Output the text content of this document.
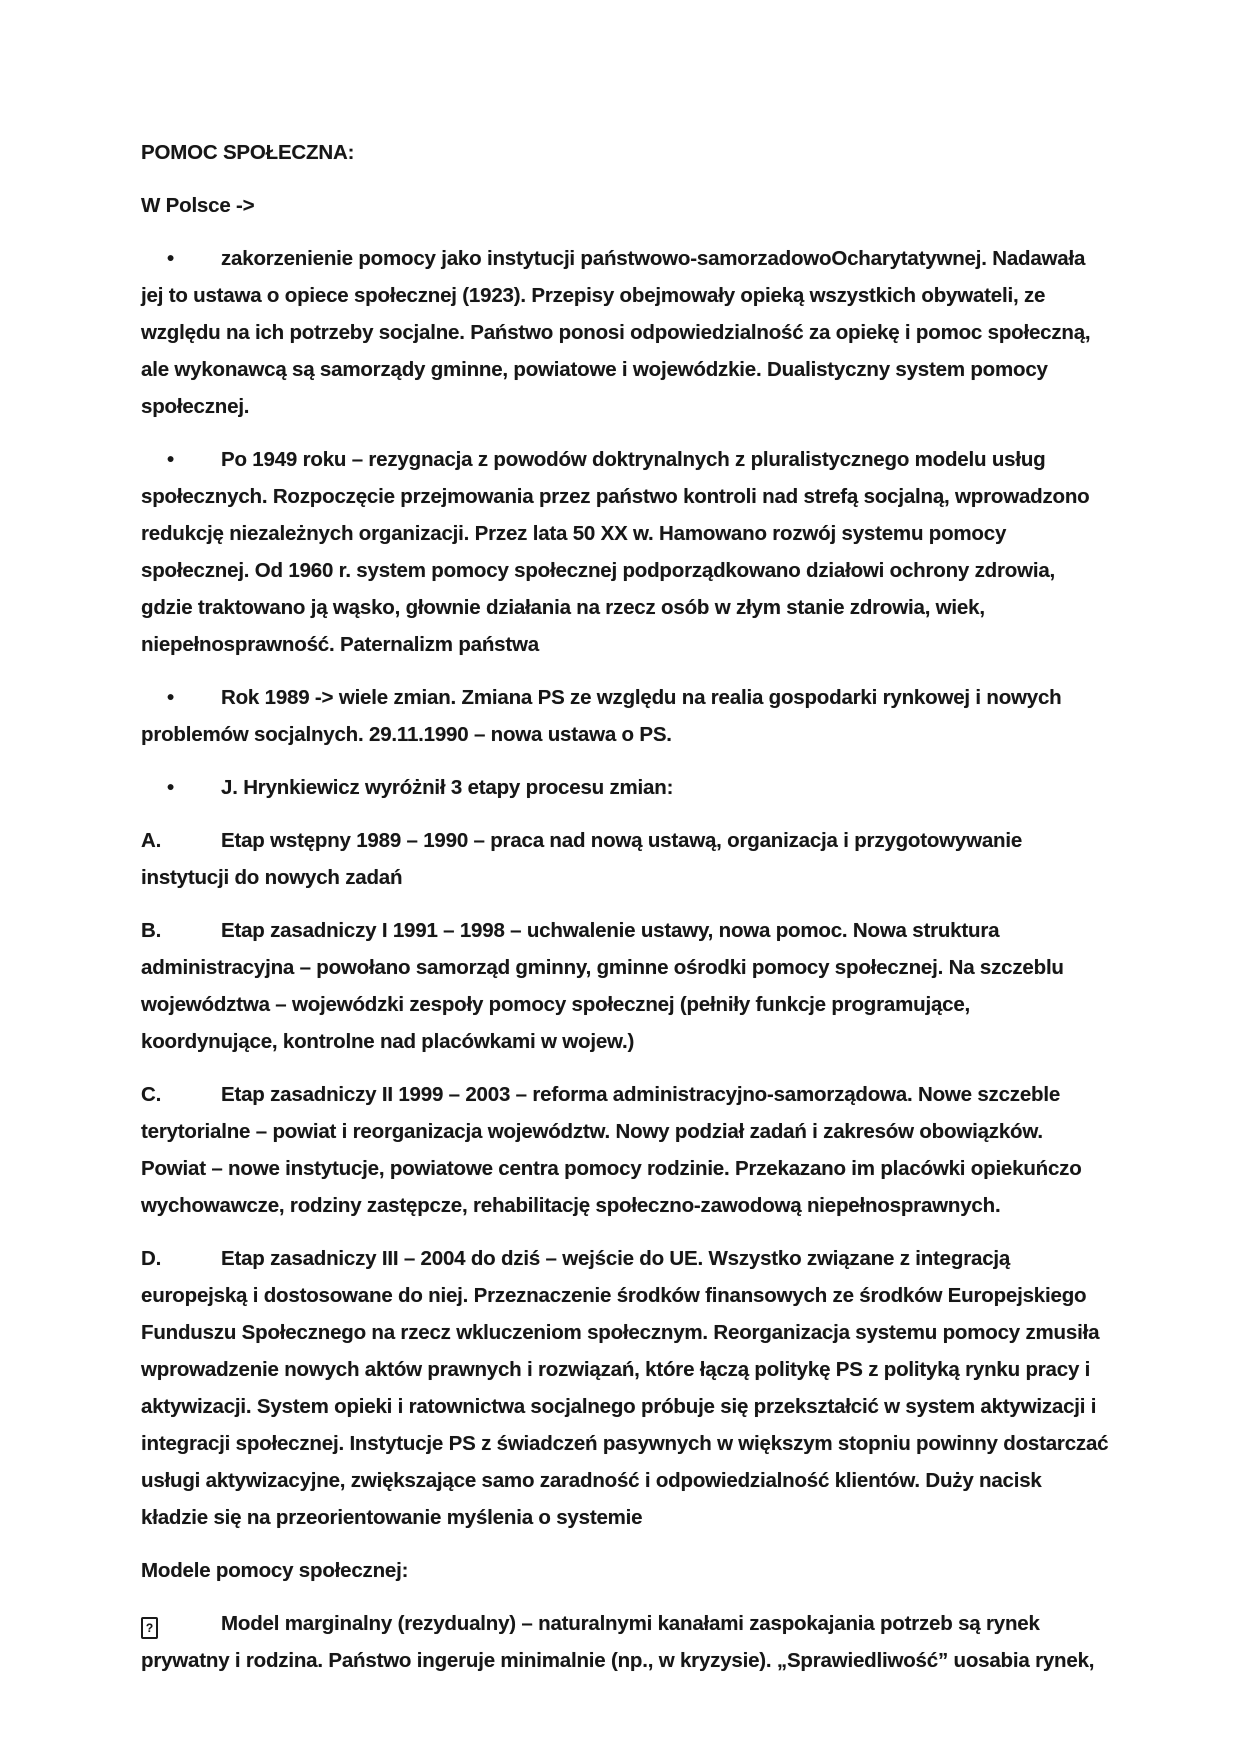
POMOC SPOŁECZNA:

W Polsce ->

• zakorzenienie pomocy jako instytucji państwowo-samorzadowoOcharytatywnej. Nadawała jej to ustawa o opiece społecznej (1923). Przepisy obejmowały opieką wszystkich obywateli, ze względu na ich potrzeby socjalne. Państwo ponosi odpowiedzialność za opiekę i pomoc społeczną, ale wykonawcą są samorządy gminne, powiatowe i wojewódzkie. Dualistyczny system pomocy społecznej.

• Po 1949 roku – rezygnacja z powodów doktrynalnych z pluralistycznego modelu usług społecznych. Rozpoczęcie przejmowania przez państwo kontroli nad strefą socjalną, wprowadzono redukcję niezależnych organizacji. Przez lata 50 XX w. Hamowano rozwój systemu pomocy społecznej. Od 1960 r. system pomocy społecznej podporządkowano działowi ochrony zdrowia, gdzie traktowano ją wąsko, głownie działania na rzecz osób w złym stanie zdrowia, wiek, niepełnosprawność. Paternalizm państwa

• Rok 1989 -> wiele zmian. Zmiana PS ze względu na realia gospodarki rynkowej i nowych problemów socjalnych. 29.11.1990 – nowa ustawa o PS.

• J. Hrynkiewicz wyróżnił 3 etapy procesu zmian:

A.	Etap wstępny 1989 – 1990 – praca nad nową ustawą, organizacja i przygotowywanie instytucji do nowych zadań

B.	Etap zasadniczy I 1991 – 1998 – uchwalenie ustawy, nowa pomoc. Nowa struktura administracyjna – powołano samorząd gminny, gminne ośrodki pomocy społecznej. Na szczeblu województwa – wojewódzki zespoły pomocy społecznej (pełniły funkcje programujące, koordynujące, kontrolne nad placówkami w wojew.)

C.	Etap zasadniczy II 1999 – 2003 – reforma administracyjno-samorządowa. Nowe szczeble terytorialne – powiat i reorganizacja województw. Nowy podział zadań i zakresów obowiązków. Powiat – nowe instytucje, powiatowe centra pomocy rodzinie. Przekazano im placówki opiekuńczo wychowawcze, rodziny zastępcze, rehabilitację społeczno-zawodową niepełnosprawnych.

D.	Etap zasadniczy III – 2004 do dziś – wejście do UE. Wszystko związane z integracją europejską i dostosowane do niej. Przeznaczenie środków finansowych ze środków Europejskiego Funduszu Społecznego na rzecz wkluczeniom społecznym. Reorganizacja systemu pomocy zmusiła wprowadzenie nowych aktów prawnych i rozwiązań, które łączą politykę PS z polityką rynku pracy i aktywizacji. System opieki i ratownictwa socjalnego próbuje się przekształcić w system aktywizacji i integracji społecznej. Instytucje PS z świadczeń pasywnych w większym stopniu powinny dostarczać usługi aktywizacyjne, zwiększające samo zaradność i odpowiedzialność klientów. Duży nacisk kładzie się na przeorientowanie myślenia o systemie

Modele pomocy społecznej:

?	Model marginalny (rezydualny) – naturalnymi kanałami zaspokajania potrzeb są rynek prywatny i rodzina. Państwo ingeruje minimalnie (np., w kryzysie). „Sprawiedliwość” uosabia rynek,
